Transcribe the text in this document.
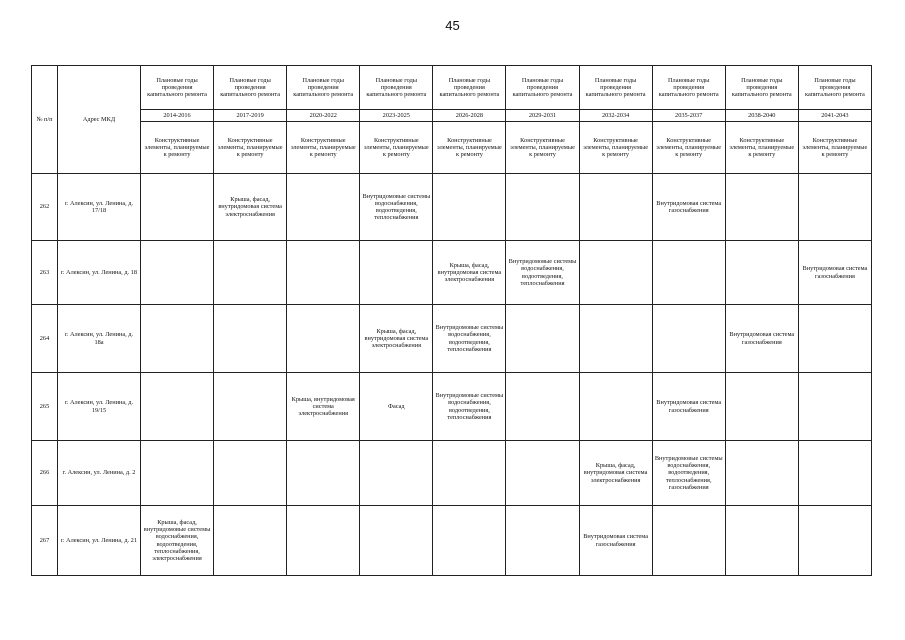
45
№ п/п	Адрес МКД	Плановые годы проведения капитального ремонта	Плановые годы проведения капитального ремонта	Плановые годы проведения капитального ремонта	Плановые годы проведения капитального ремонта	Плановые годы проведения капитального ремонта	Плановые годы проведения капитального ремонта	Плановые годы проведения капитального ремонта	Плановые годы проведения капитального ремонта	Плановые годы проведения капитального ремонта	Плановые годы проведения капитального ремонта
		2014-2016	2017-2019	2020-2022	2023-2025	2026-2028	2029-2031	2032-2034	2035-2037	2038-2040	2041-2043
		Конструктивные элементы, планируемые к ремонту	Конструктивные элементы, планируемые к ремонту	Конструктивные элементы, планируемые к ремонту	Конструктивные элементы, планируемые к ремонту	Конструктивные элементы, планируемые к ремонту	Конструктивные элементы, планируемые к ремонту	Конструктивные элементы, планируемые к ремонту	Конструктивные элементы, планируемые к ремонту	Конструктивные элементы, планируемые к ремонту	Конструктивные элементы, планируемые к ремонту
262	г. Алексин, ул. Ленина, д. 17/18		Крыша, фасад, внутридомовая система электроснабжения		Внутридомовые системы водоснабжения, водоотведения, теплоснабжения				Внутридомовая система газоснабжения		
263	г. Алексин, ул. Ленина, д. 18					Крыша, фасад, внутридомовая система электроснабжения	Внутридомовые системы водоснабжения, водоотведения, теплоснабжения				Внутридомовая система газоснабжения
264	г. Алексин, ул. Ленина, д. 18а				Крыша, фасад, внутридомовая система электроснабжения	Внутридомовые системы водоснабжения, водоотведения, теплоснабжения				Внутридомовая система газоснабжения	
265	г. Алексин, ул. Ленина, д. 19/15			Крыша, внутридомовая система электроснабжения	Фасад	Внутридомовые системы водоснабжения, водоотведения, теплоснабжения			Внутридомовая система газоснабжения		
266	г. Алексин, ул. Ленина, д. 2							Крыша, фасад, внутридомовая система электроснабжения	Внутридомовые системы водоснабжения, водоотведения, теплоснабжения, газоснабжения		
267	г. Алексин, ул. Ленина, д. 21	Крыша, фасад, внутридомовые системы водоснабжения, водоотведения, теплоснабжения, электроснабжения						Внутридомовая система газоснабжения			
